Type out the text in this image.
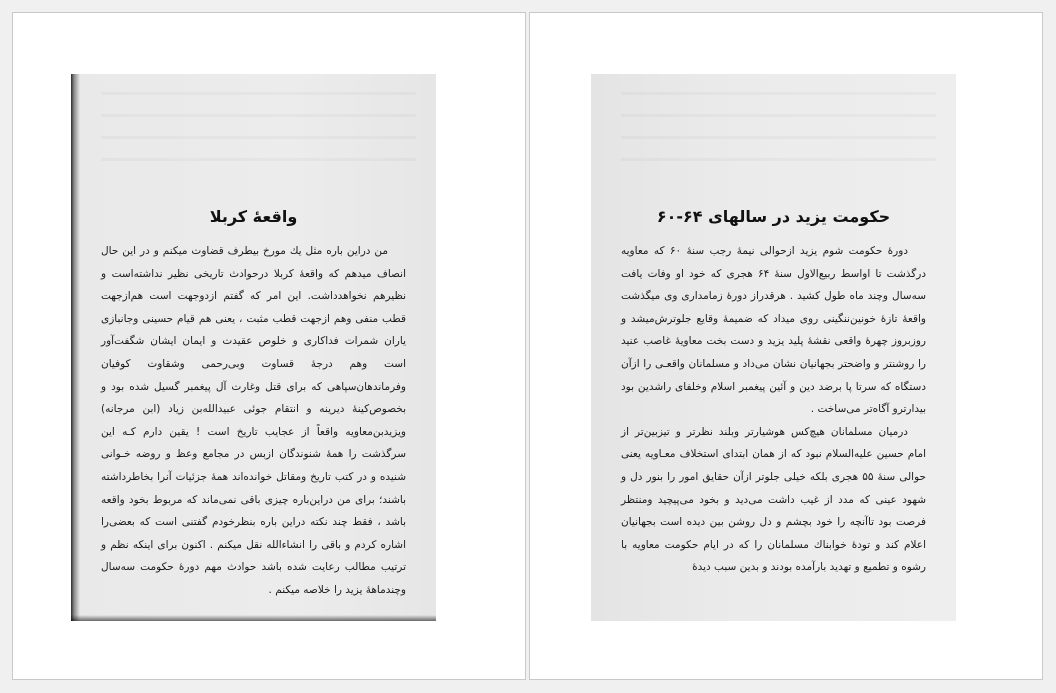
واقعهٔ کربلا

من دراین باره مثل یك مورخ بیطرف قضاوت میکنم و در این حال انصاف میدهم که واقعهٔ کربلا درحوادث تاریخی نظیر نداشته‌است و نظیرهم نخواهدداشت. این امر که گفتم ازدوجهت است هم‌ازجهت قطب منفی وهم ازجهت قطب مثبت ، یعنی هم قیام حسینی وجانبازی یاران شمرات فداکاری و خلوص عقیدت و ایمان ایشان شگفت‌آور است وهم درجهٔ قساوت وبی‌رحمی وشقاوت کوفیان وفرماندهان‌سپاهی که برای قتل وغارت آل پیغمبر گسیل شده بود و بخصوص‌کینهٔ دیرینه و انتقام جوئی عبیدالله‌بن زیاد (ابن مرجانه) ویزیدبن‌معاویه واقعاً از عجایب تاریخ است ! یقین دارم کـه این سرگذشت را همهٔ شنوندگان ازبس در مجامع وعظ و روضه خـوانی شنیده و در کتب تاریخ ومقاتل خوانده‌اند همهٔ جزئیات آنرا بخاطرداشته باشند؛ برای من دراین‌باره چیزی باقی نمی‌ماند که مربوط بخود واقعه باشد ، فقط چند نکته دراین باره بنظرخودم گفتنی است که بعضی‌را اشاره کردم و باقی را انشاءالله نقل میکنم . اکنون برای اینکه نظم و ترتیب مطالب رعایت شده باشد حوادث مهم دورهٔ حکومت سه‌سال وچندماههٔ یزید را خلاصه میکنم .

حکومت یزید در سالهای ۶۴-۶۰

دورهٔ حکومت شوم یزید ازحوالی نیمهٔ رجب سنهٔ ۶۰ که معاویه درگذشت تا اواسط ربیع‌الاول سنهٔ ۶۴ هجری که خود او وفات یافت سه‌سال وچند ماه طول کشید . هرقدراز دورهٔ زمامداری وی میگذشت واقعهٔ تازهٔ خونین‌ننگینی روی میداد که ضمیمهٔ وقایع جلوترش‌میشد و روزبروز چهرهٔ واقعی نقشهٔ پلید یزید و دست بخت معاویهٔ غاصب عنید را روشنتر و واضحتر بجهانیان نشان می‌داد و مسلمانان واقعـی را ازآن دستگاه که سرتا پا برضد دین و آئین پیغمبر اسلام وخلفای راشدین بود بیدارترو آگاه‌تر می‌ساخت .

درمیان مسلمانان هیچ‌کس هوشیارتر وبلند نظرتر و تیزبین‌تر از امام حسین علیه‌السلام نبود که از همان ابتدای استخلاف معـاویه یعنی حوالی سنهٔ ۵۵ هجری بلکه خیلی جلوتر ازآن حقایق امور را بنور دل و شهود عینی که مدد از غیب داشت می‌دید و بخود می‌پیچید ومنتظر فرصت بود تاآنچه را خود بچشم و دل روشن بین دیده است بجهانیان اعلام کند و تودهٔ خوابناك مسلمانان را که در ایام حکومت معاویه با رشوه و تطمیع و تهدید بارآمده بودند و بدین سبب دیدهٔ
